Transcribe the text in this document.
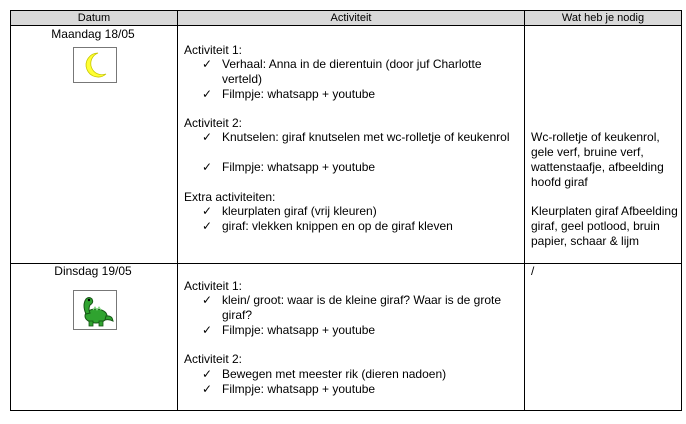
Datum	Activiteit	Wat heb je nodig
Maandag 18/05
Activiteit 1:
✓ Verhaal: Anna in de dierentuin (door juf Charlotte verteld)
✓ Filmpje: whatsapp + youtube
Activiteit 2:
✓ Knutselen: giraf knutselen met wc-rolletje of keukenrol
✓ Filmpje: whatsapp + youtube
Extra activiteiten:
✓ kleurplaten giraf (vrij kleuren)
✓ giraf: vlekken knippen en op de giraf kleven
Wc-rolletje of keukenrol, gele verf, bruine verf, wattenstaafje, afbeelding hoofd giraf
Kleurplaten giraf Afbeelding giraf, geel potlood, bruin papier, schaar & lijm
Dinsdag 19/05
Activiteit 1:
✓ klein/ groot: waar is de kleine giraf? Waar is de grote giraf?
✓ Filmpje: whatsapp + youtube
Activiteit 2:
✓ Bewegen met meester rik (dieren nadoen)
✓ Filmpje: whatsapp + youtube
/
